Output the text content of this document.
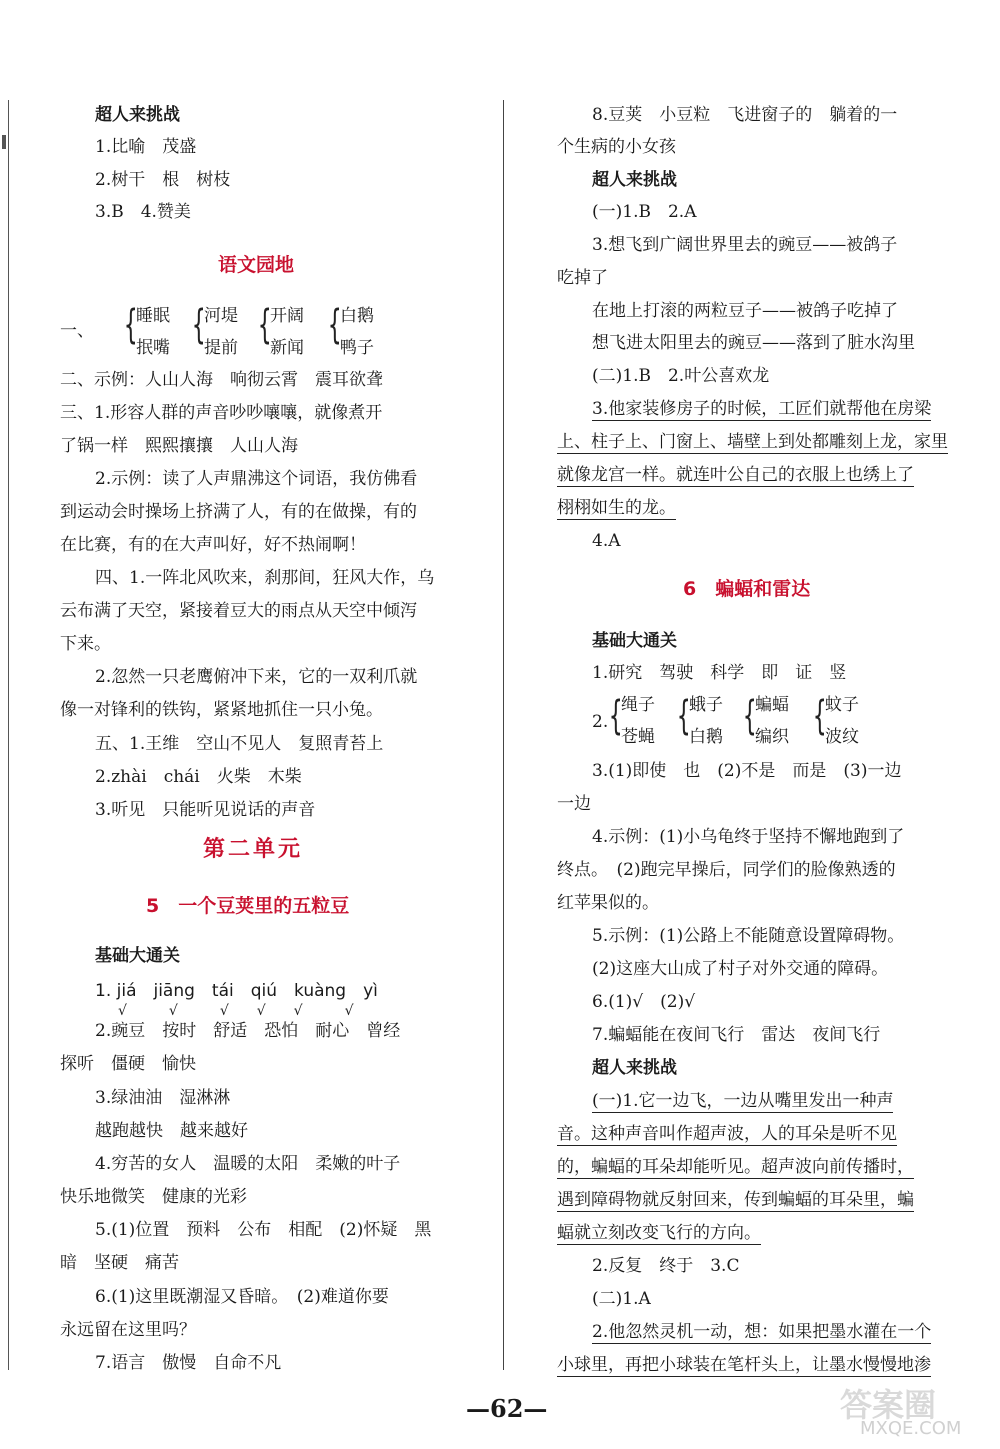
超人来挑战
1.比喻　茂盛
2.树干　根　树枝
3.B　4.赞美
语文园地
一、 {
睡眠
抿嘴 {
河堤
提前 {
开阔
新闻 {
白鹅
鸭子
二、示例：人山人海　响彻云霄　震耳欲聋
三、1.形容人群的声音吵吵嚷嚷，就像煮开
了锅一样　熙熙攘攘　人山人海
2.示例：读了人声鼎沸这个词语，我仿佛看
到运动会时操场上挤满了人，有的在做操，有的
在比赛，有的在大声叫好，好不热闹啊！
四、1.一阵北风吹来，刹那间，狂风大作，乌
云布满了天空，紧接着豆大的雨点从天空中倾泻
下来。
2.忽然一只老鹰俯冲下来，它的一双利爪就
像一对锋利的铁钩，紧紧地抓住一只小兔。
五、1.王维　空山不见人　复照青苔上
2.zhài　chái　火柴　木柴
3.听见　只能听见说话的声音
第二单元
5　一个豆荚里的五粒豆
基础大通关
1. jiá　jiāng　tái　qiú　kuàng　yì
√　　　√　　　√　　√　　√　　　√
2.豌豆　按时　舒适　恐怕　耐心　曾经
探听　僵硬　愉快
3.绿油油　湿淋淋
越跑越快　越来越好
4.穷苦的女人　温暖的太阳　柔嫩的叶子
快乐地微笑　健康的光彩
5.(1)位置　预料　公布　相配　(2)怀疑　黑
暗　坚硬　痛苦
6.(1)这里既潮湿又昏暗。　(2)难道你要
永远留在这里吗？
7.语言　傲慢　自命不凡
8.豆荚　小豆粒　飞进窗子的　躺着的一
个生病的小女孩
超人来挑战
(一)1.B　2.A
3.想飞到广阔世界里去的豌豆——被鸽子
吃掉了
在地上打滚的两粒豆子——被鸽子吃掉了
想飞进太阳里去的豌豆——落到了脏水沟里
(二)1.B　2.叶公喜欢龙
3.他家装修房子的时候，工匠们就帮他在房梁
上、柱子上、门窗上、墙壁上到处都雕刻上龙，家里
就像龙宫一样。就连叶公自己的衣服上也绣上了
栩栩如生的龙。
4.A
6　蝙蝠和雷达
基础大通关
1.研究　驾驶　科学　即　证　竖
2. {
绳子
苍蝇 {
蛾子
白鹅 {
蝙蝠
编织 {
蚊子
波纹
3.(1)即使　也　(2)不是　而是　(3)一边
一边
4.示例：(1)小乌龟终于坚持不懈地跑到了
终点。　(2)跑完早操后，同学们的脸像熟透的
红苹果似的。
5.示例：(1)公路上不能随意设置障碍物。
(2)这座大山成了村子对外交通的障碍。
6.(1)√　(2)√
7.蝙蝠能在夜间飞行　雷达　夜间飞行
超人来挑战
(一)1.它一边飞，一边从嘴里发出一种声
音。这种声音叫作超声波，人的耳朵是听不见
的，蝙蝠的耳朵却能听见。超声波向前传播时，
遇到障碍物就反射回来，传到蝙蝠的耳朵里，蝙
蝠就立刻改变飞行的方向。
2.反复　终于　3.C
(二)1.A
2.他忽然灵机一动，想：如果把墨水灌在一个
小球里，再把小球装在笔杆头上，让墨水慢慢地渗
—62—	答案圈
MXQE.COM
